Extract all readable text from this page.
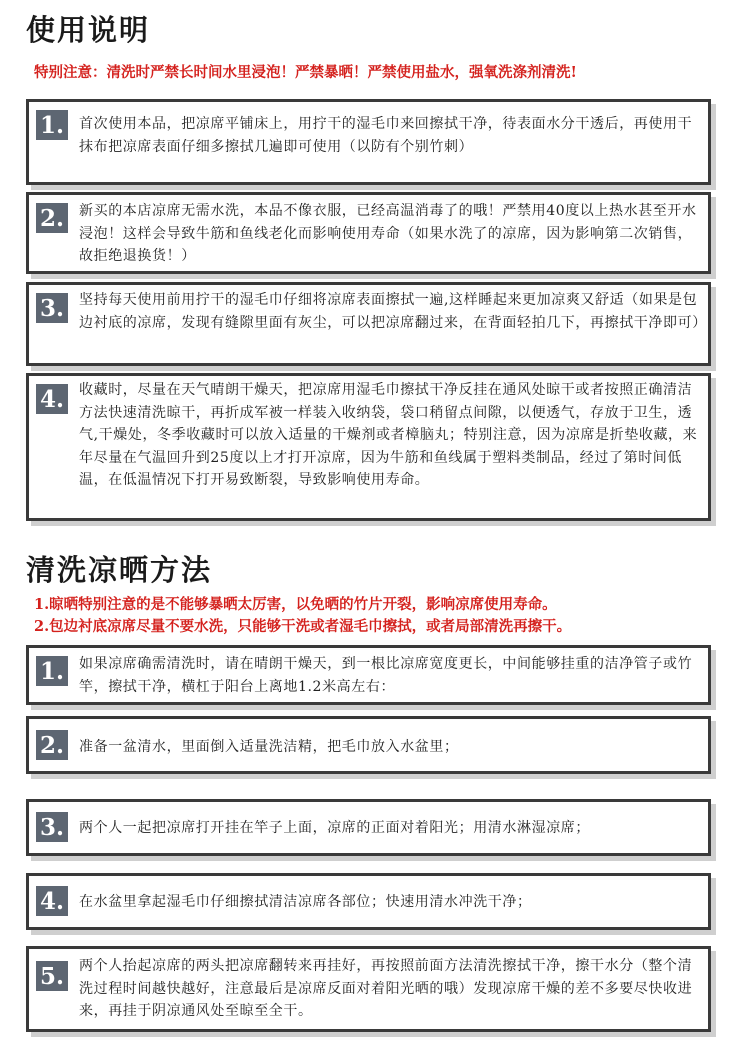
使用说明

特别注意：清洗时严禁长时间水里浸泡！严禁暴晒！严禁使用盐水，强氧洗涤剂清洗!

1. 首次使用本品，把凉席平铺床上，用拧干的湿毛巾来回擦拭干净，待表面水分干透后，再使用干抹布把凉席表面仔细多擦拭几遍即可使用（以防有个别竹刺）

2. 新买的本店凉席无需水洗，本品不像衣服，已经高温消毒了的哦！严禁用40度以上热水甚至开水浸泡！这样会导致牛筋和鱼线老化而影响使用寿命（如果水洗了的凉席，因为影响第二次销售，故拒绝退换货！）

3. 坚持每天使用前用拧干的湿毛巾仔细将凉席表面擦拭一遍,这样睡起来更加凉爽又舒适（如果是包边衬底的凉席，发现有缝隙里面有灰尘，可以把凉席翻过来，在背面轻拍几下，再擦拭干净即可）

4. 收藏时，尽量在天气晴朗干燥天，把凉席用湿毛巾擦拭干净反挂在通风处晾干或者按照正确清洁方法快速清洗晾干，再折成军被一样装入收纳袋，袋口稍留点间隙，以便透气，存放于卫生，透气,干燥处，冬季收藏时可以放入适量的干燥剂或者樟脑丸；特别注意，因为凉席是折垫收藏，来年尽量在气温回升到25度以上才打开凉席，因为牛筋和鱼线属于塑料类制品，经过了第时间低温，在低温情况下打开易致断裂，导致影响使用寿命。

清洗凉晒方法

1.晾晒特别注意的是不能够暴晒太厉害，以免晒的竹片开裂，影响凉席使用寿命。

2.包边衬底凉席尽量不要水洗，只能够干洗或者湿毛巾擦拭，或者局部清洗再擦干。

1. 如果凉席确需清洗时，请在晴朗干燥天，到一根比凉席宽度更长，中间能够挂重的洁净管子或竹竿，擦拭干净，横杠于阳台上离地1.2米高左右：

2. 准备一盆清水，里面倒入适量洗洁精，把毛巾放入水盆里；

3. 两个人一起把凉席打开挂在竿子上面，凉席的正面对着阳光；用清水淋湿凉席；

4. 在水盆里拿起湿毛巾仔细擦拭清洁凉席各部位；快速用清水冲洗干净；

5. 两个人抬起凉席的两头把凉席翻转来再挂好，再按照前面方法清洗擦拭干净，擦干水分（整个清洗过程时间越快越好，注意最后是凉席反面对着阳光晒的哦）发现凉席干燥的差不多要尽快收进来，再挂于阴凉通风处至晾至全干。
